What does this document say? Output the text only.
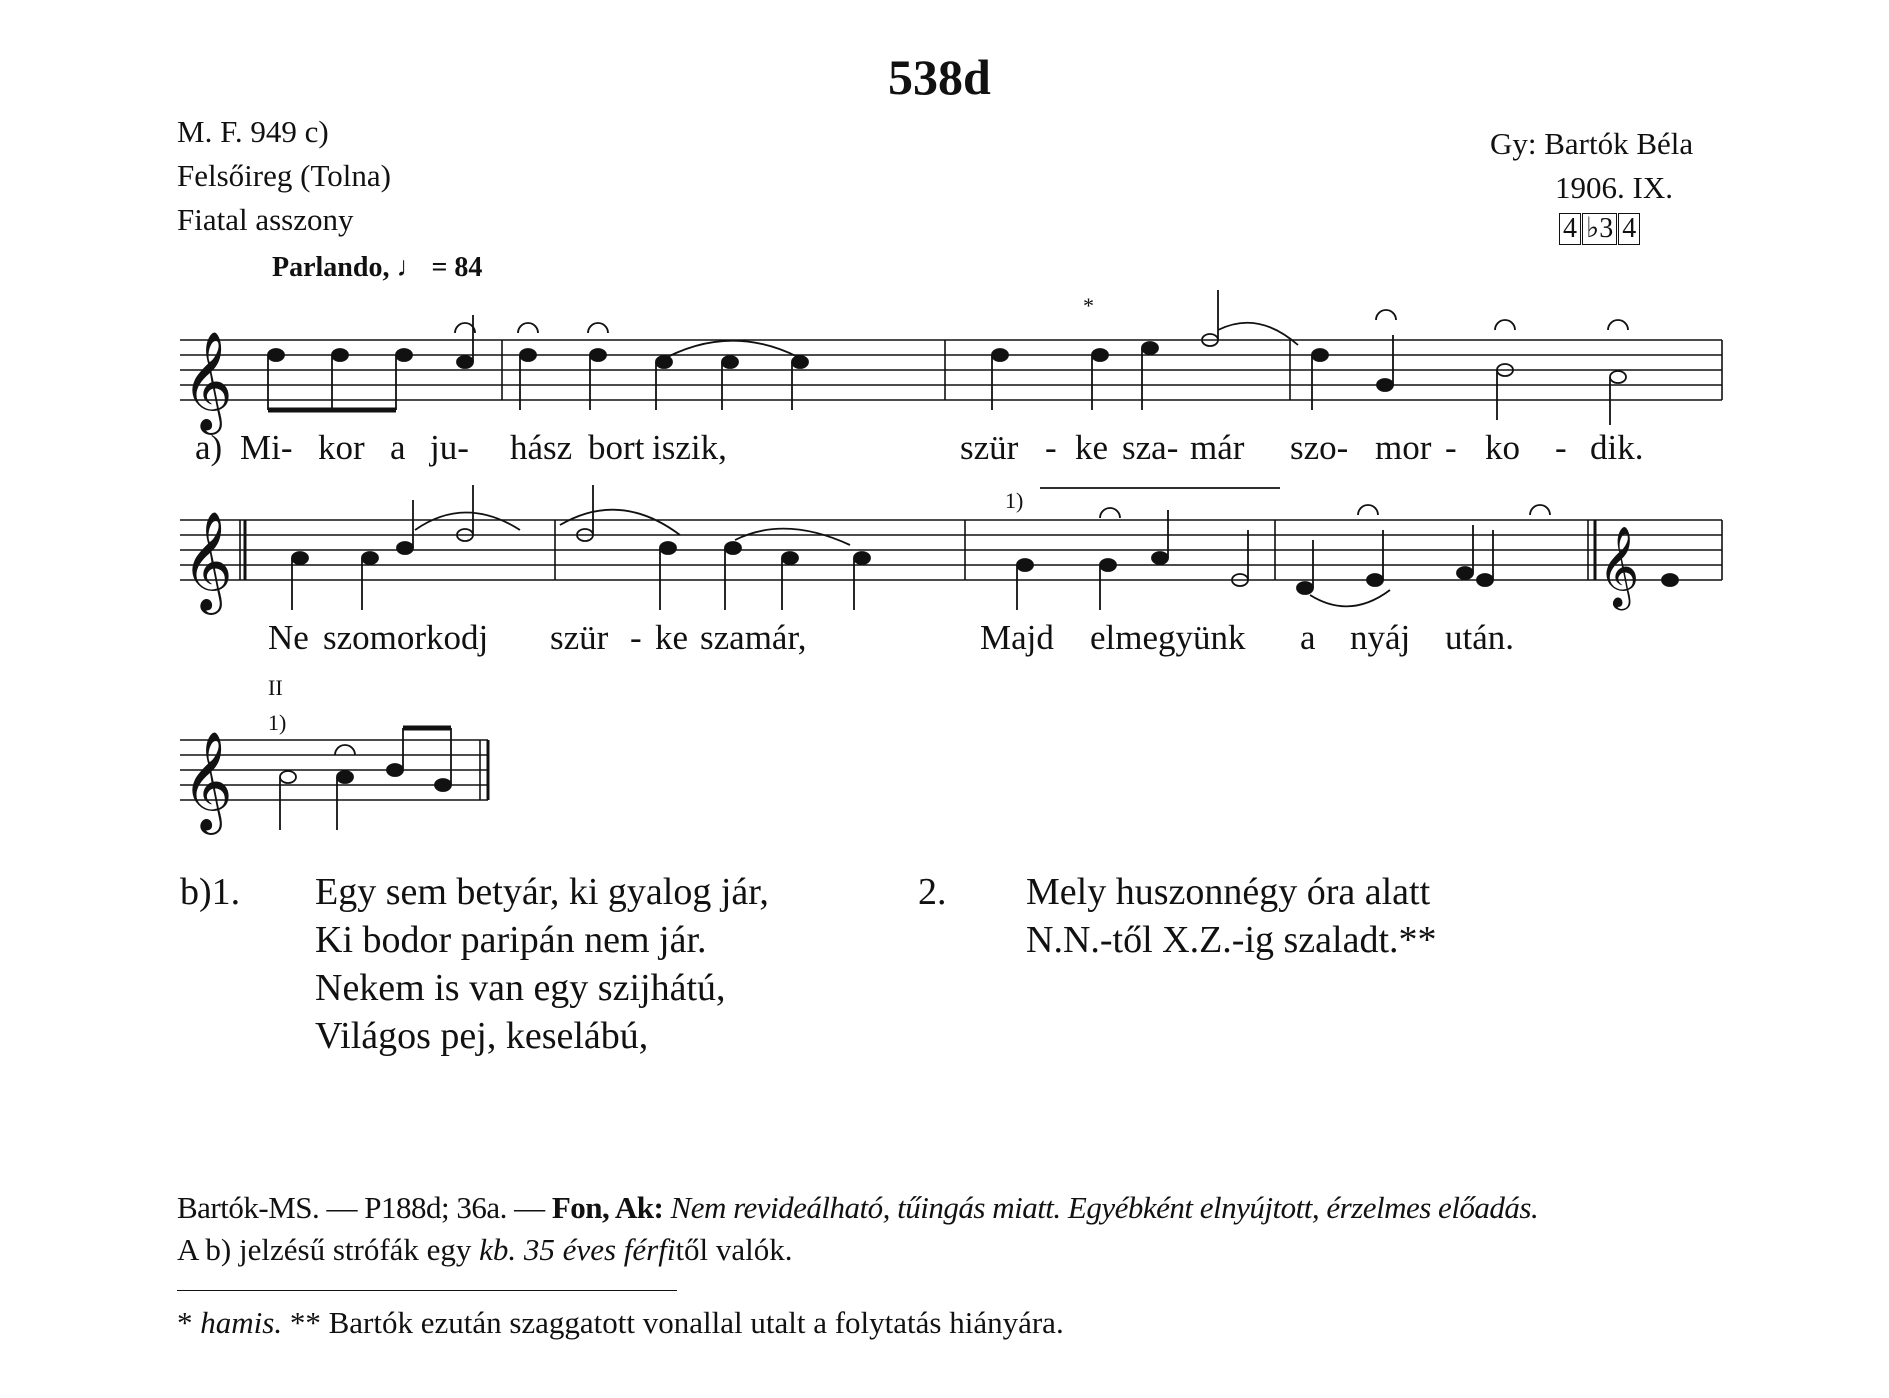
538d
M. F. 949 c)
Felsőireg (Tolna)
Fiatal asszony
Gy: Bartók Béla
1906. IX.
4 ♭3 4
Parlando, ♩ = 84
𝄞
𝄞	𝄞
𝄞
*
1)
II
1)
a) Mi- kor a ju- hász bort iszik,	szür - ke sza- már szo- mor - ko - dik.
Ne szomorkodj szür - ke szamár,	Majd elmegyünk a nyáj után.
b)1. Egy sem betyár, ki gyalog jár,
Ki bodor paripán nem jár.
Nekem is van egy szijhátú,
Világos pej, keselábú,
2. Mely huszonnégy óra alatt
N.N.-től X.Z.-ig szaladt.**
Bartók-MS. — P188d; 36a. — Fon, Ak: Nem revideálható, tűingás miatt. Egyébként elnyújtott, érzelmes előadás.
A b) jelzésű strófák egy kb. 35 éves férfitől valók.
* hamis. ** Bartók ezután szaggatott vonallal utalt a folytatás hiányára.
